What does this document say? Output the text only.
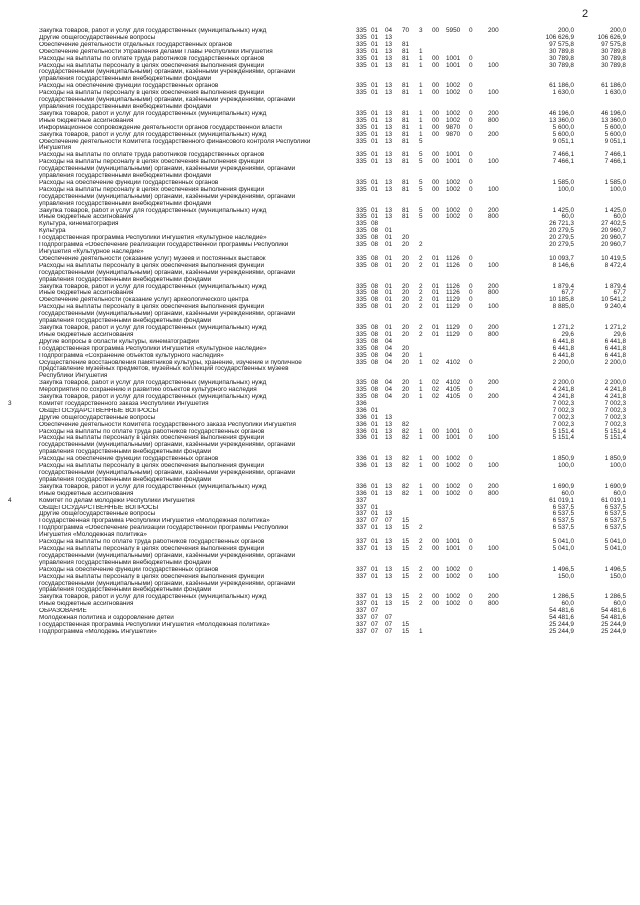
2
Закупка товаров, работ и услуг для государственных (муниципальных) нужд	335 01 04 70 3 00 5950 0 200	200,0	200,0
Другие общегосударственные вопросы	335 01 13	106 626,9	106 626,9
Обеспечение деятельности отдельных государственных органов	335 01 13 81	97 575,8	97 575,8
Обеспечение деятельности Управления делами Главы Республики Ингушетия	335 01 13 81 1	30 789,8	30 789,8
Расходы на выплаты по оплате труда работников государственных органов	335 01 13 81 1 00 1001 0	30 789,8	30 789,8
Расходы на выплаты персоналу в целях обеспечения выполнения функций
государственными (муниципальными) органами, казёнными учреждениями, органами
управления государственными внебюджетными фондами
335 01 13 81 1 00 1001 0 100	30 789,8	30 789,8
Расходы на обеспечение функций государственных органов	335 01 13 81 1 00 1002 0	61 186,0	61 186,0
Расходы на выплаты персоналу в целях обеспечения выполнения функций
государственными (муниципальными) органами, казёнными учреждениями, органами
управления государственными внебюджетными фондами
335 01 13 81 1 00 1002 0 100	1 630,0	1 630,0
Закупка товаров, работ и услуг для государственных (муниципальных) нужд	335 01 13 81 1 00 1002 0 200	46 196,0	46 196,0
Иные бюджетные ассигнования	335 01 13 81 1 00 1002 0 800	13 360,0	13 360,0
Информационное сопровождение деятельности органов государственной власти	335 01 13 81 1 00 9870 0	5 600,0	5 600,0
Закупка товаров, работ и услуг для государственных (муниципальных) нужд	335 01 13 81 1 00 9870 0 200	5 600,0	5 600,0
Обеспечение деятельности Комитета государственного финансового контроля Республики
Ингушетия
335 01 13 81 5	9 051,1	9 051,1
Расходы на выплаты по оплате труда работников государственных органов	335 01 13 81 5 00 1001 0	7 466,1	7 466,1
Расходы на выплаты персоналу в целях обеспечения выполнения функций
государственными (муниципальными) органами, казёнными учреждениями, органами
управления государственными внебюджетными фондами
335 01 13 81 5 00 1001 0 100	7 466,1	7 466,1
Расходы на обеспечение функций государственных органов	335 01 13 81 5 00 1002 0	1 585,0	1 585,0
Расходы на выплаты персоналу в целях обеспечения выполнения функций
государственными (муниципальными) органами, казёнными учреждениями, органами
управления государственными внебюджетными фондами
335 01 13 81 5 00 1002 0 100	100,0	100,0
Закупка товаров, работ и услуг для государственных (муниципальных) нужд	335 01 13 81 5 00 1002 0 200	1 425,0	1 425,0
Иные бюджетные ассигнования	335 01 13 81 5 00 1002 0 800	60,0	60,0
Культура, кинематография	335 08	26 721,3	27 402,5
Культура	335 08 01	20 279,5	20 960,7
Государственная программа Республики Ингушетия «Культурное наследие»	335 08 01 20	20 279,5	20 960,7
Подпрограмма «Обеспечение реализации государственной программы Республики
Ингушетия «Культурное наследие»
335 08 01 20 2	20 279,5	20 960,7
Обеспечение деятельности (оказание услуг) музеев и постоянных выставок	335 08 01 20 2 01 1126 0	10 093,7	10 419,5
Расходы на выплаты персоналу в целях обеспечения выполнения функций
государственными (муниципальными) органами, казёнными учреждениями, органами
управления государственными внебюджетными фондами
335 08 01 20 2 01 1126 0 100	8 146,6	8 472,4
Закупка товаров, работ и услуг для государственных (муниципальных) нужд	335 08 01 20 2 01 1126 0 200	1 879,4	1 879,4
Иные бюджетные ассигнования	335 08 01 20 2 01 1126 0 800	67,7	67,7
Обеспечение деятельности (оказание услуг) археологического центра	335 08 01 20 2 01 1129 0	10 185,8	10 541,2
Расходы на выплаты персоналу в целях обеспечения выполнения функций
государственными (муниципальными) органами, казёнными учреждениями, органами
управления государственными внебюджетными фондами
335 08 01 20 2 01 1129 0 100	8 885,0	9 240,4
Закупка товаров, работ и услуг для государственных (муниципальных) нужд	335 08 01 20 2 01 1129 0 200	1 271,2	1 271,2
Иные бюджетные ассигнования	335 08 01 20 2 01 1129 0 800	29,6	29,6
Другие вопросы в области культуры, кинематографии	335 08 04	6 441,8	6 441,8
Государственная программа Республики Ингушетия «Культурное наследие»	335 08 04 20	6 441,8	6 441,8
Подпрограмма «Сохранение объектов культурного наследия»	335 08 04 20 1	6 441,8	6 441,8
Осуществление восстановления памятников культуры, хранение, изучение и публичное
представление музейных предметов, музейных коллекций государственных музеев
Республики Ингушетия
335 08 04 20 1 02 4102 0	2 200,0	2 200,0
Закупка товаров, работ и услуг для государственных (муниципальных) нужд	335 08 04 20 1 02 4102 0 200	2 200,0	2 200,0
Мероприятия по сохранению и развитию объектов культурного наследия	335 08 04 20 1 02 4105 0	4 241,8	4 241,8
Закупка товаров, работ и услуг для государственных (муниципальных) нужд	335 08 04 20 1 02 4105 0 200	4 241,8	4 241,8
Комитет государственного заказа Республики Ингушетия
3	336	7 002,3	7 002,3
ОБЩЕГОСУДАРСТВЕННЫЕ ВОПРОСЫ	336 01	7 002,3	7 002,3
Другие общегосударственные вопросы	336 01 13	7 002,3	7 002,3
Обеспечение деятельности Комитета государственного заказа Республики Ингушетия	336 01 13 82	7 002,3	7 002,3
Расходы на выплаты по оплате труда работников государственных органов	336 01 13 82 1 00 1001 0	5 151,4	5 151,4
Расходы на выплаты персоналу в целях обеспечения выполнения функций
государственными (муниципальными) органами, казёнными учреждениями, органами
управления государственными внебюджетными фондами
336 01 13 82 1 00 1001 0 100	5 151,4	5 151,4
Расходы на обеспечение функций государственных органов	336 01 13 82 1 00 1002 0	1 850,9	1 850,9
Расходы на выплаты персоналу в целях обеспечения выполнения функций
государственными (муниципальными) органами, казёнными учреждениями, органами
управления государственными внебюджетными фондами
336 01 13 82 1 00 1002 0 100	100,0	100,0
Закупка товаров, работ и услуг для государственных (муниципальных) нужд	336 01 13 82 1 00 1002 0 200	1 690,9	1 690,9
Иные бюджетные ассигнования	336 01 13 82 1 00 1002 0 800	60,0	60,0
Комитет по делам молодежи Республики Ингушетия
4	337	61 019,1	61 019,1
ОБЩЕГОСУДАРСТВЕННЫЕ ВОПРОСЫ	337 01	6 537,5	6 537,5
Другие общегосударственные вопросы	337 01 13	6 537,5	6 537,5
Государственная программа Республики Ингушетия «Молодежная политика»	337 07 07 15	6 537,5	6 537,5
Подпрограмма «Обеспечение реализации государственной программы Республики
Ингушетия «Молодежная политика»
337 01 13 15 2	6 537,5	6 537,5
Расходы на выплаты по оплате труда работников государственных органов	337 01 13 15 2 00 1001 0	5 041,0	5 041,0
Расходы на выплаты персоналу в целях обеспечения выполнения функций
государственными (муниципальными) органами, казёнными учреждениями, органами
управления государственными внебюджетными фондами
337 01 13 15 2 00 1001 0 100	5 041,0	5 041,0
Расходы на обеспечение функций государственных органов	337 01 13 15 2 00 1002 0	1 496,5	1 496,5
Расходы на выплаты персоналу в целях обеспечения выполнения функций
государственными (муниципальными) органами, казёнными учреждениями, органами
управления государственными внебюджетными фондами
337 01 13 15 2 00 1002 0 100	150,0	150,0
Закупка товаров, работ и услуг для государственных (муниципальных) нужд	337 01 13 15 2 00 1002 0 200	1 286,5	1 286,5
Иные бюджетные ассигнования	337 01 13 15 2 00 1002 0 800	60,0	60,0
ОБРАЗОВАНИЕ	337 07	54 481,6	54 481,6
Молодежная политика и оздоровление детей	337 07 07	54 481,6	54 481,6
Государственная программа Республики Ингушетия «Молодежная политика»	337 07 07 15	25 244,9	25 244,9
Подпрограмма «Молодежь Ингушетии»	337 07 07 15 1	25 244,9	25 244,9
